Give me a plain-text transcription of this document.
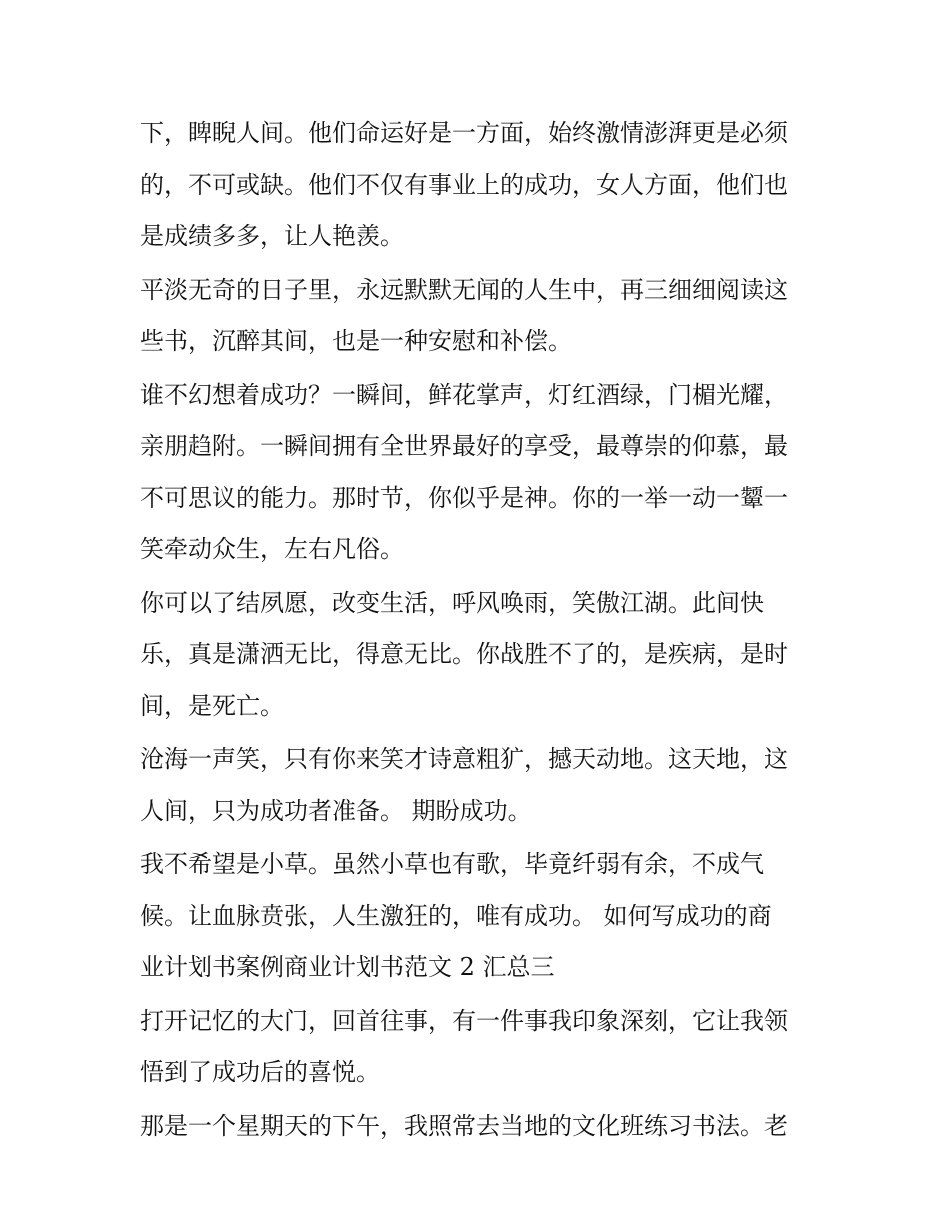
下，睥睨人间。他们命运好是一方面，始终激情澎湃更是必须
的，不可或缺。他们不仅有事业上的成功，女人方面，他们也
是成绩多多，让人艳羡。

平淡无奇的日子里，永远默默无闻的人生中，再三细细阅读这
些书，沉醉其间，也是一种安慰和补偿。

谁不幻想着成功？一瞬间，鲜花掌声，灯红酒绿，门楣光耀，
亲朋趋附。一瞬间拥有全世界最好的享受，最尊崇的仰慕，最
不可思议的能力。那时节，你似乎是神。你的一举一动一颦一
笑牵动众生，左右凡俗。

你可以了结夙愿，改变生活，呼风唤雨，笑傲江湖。此间快
乐，真是潇洒无比，得意无比。你战胜不了的，是疾病，是时
间，是死亡。

沧海一声笑，只有你来笑才诗意粗犷，撼天动地。这天地，这
人间，只为成功者准备。 期盼成功。

我不希望是小草。虽然小草也有歌，毕竟纤弱有余，不成气
候。让血脉贲张，人生激狂的，唯有成功。 如何写成功的商
业计划书案例商业计划书范文 2 汇总三

打开记忆的大门，回首往事，有一件事我印象深刻，它让我领
悟到了成功后的喜悦。

那是一个星期天的下午，我照常去当地的文化班练习书法。老
